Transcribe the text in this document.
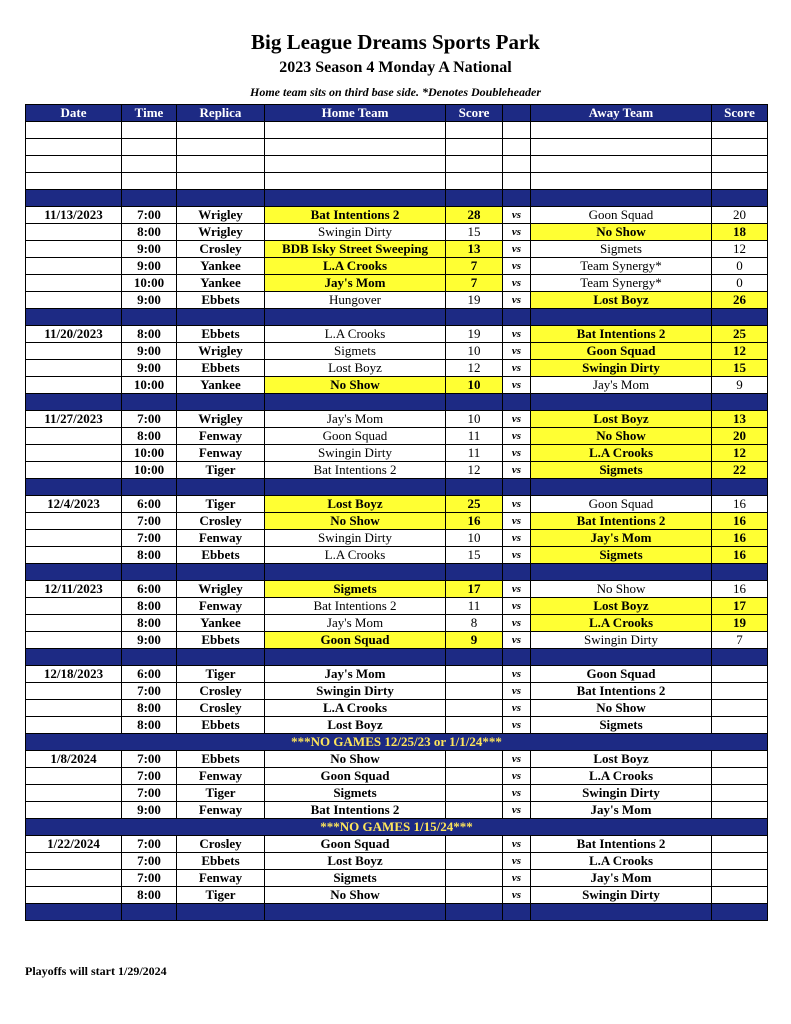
Big League Dreams Sports Park
2023 Season 4 Monday A National
Home team sits on third base side. *Denotes Doubleheader
Date	Time	Replica	Home Team	Score		Away Team	Score

11/13/2023	7:00	Wrigley	Bat Intentions 2	28	vs	Goon Squad	20
	8:00	Wrigley	Swingin Dirty	15	vs	No Show	18
	9:00	Crosley	BDB Isky Street Sweeping	13	vs	Sigmets	12
	9:00	Yankee	L.A Crooks	7	vs	Team Synergy*	0
	10:00	Yankee	Jay's Mom	7	vs	Team Synergy*	0
	9:00	Ebbets	Hungover	19	vs	Lost Boyz	26

11/20/2023	8:00	Ebbets	L.A Crooks	19	vs	Bat Intentions 2	25
	9:00	Wrigley	Sigmets	10	vs	Goon Squad	12
	9:00	Ebbets	Lost Boyz	12	vs	Swingin Dirty	15
	10:00	Yankee	No Show	10	vs	Jay's Mom	9

11/27/2023	7:00	Wrigley	Jay's Mom	10	vs	Lost Boyz	13
	8:00	Fenway	Goon Squad	11	vs	No Show	20
	10:00	Fenway	Swingin Dirty	11	vs	L.A Crooks	12
	10:00	Tiger	Bat Intentions 2	12	vs	Sigmets	22

12/4/2023	6:00	Tiger	Lost Boyz	25	vs	Goon Squad	16
	7:00	Crosley	No Show	16	vs	Bat Intentions 2	16
	7:00	Fenway	Swingin Dirty	10	vs	Jay's Mom	16
	8:00	Ebbets	L.A Crooks	15	vs	Sigmets	16

12/11/2023	6:00	Wrigley	Sigmets	17	vs	No Show	16
	8:00	Fenway	Bat Intentions 2	11	vs	Lost Boyz	17
	8:00	Yankee	Jay's Mom	8	vs	L.A Crooks	19
	9:00	Ebbets	Goon Squad	9	vs	Swingin Dirty	7

12/18/2023	6:00	Tiger	Jay's Mom		vs	Goon Squad	
	7:00	Crosley	Swingin Dirty		vs	Bat Intentions 2	
	8:00	Crosley	L.A Crooks		vs	No Show	
	8:00	Ebbets	Lost Boyz		vs	Sigmets	
***NO GAMES 12/25/23 or 1/1/24***							
1/8/2024	7:00	Ebbets	No Show		vs	Lost Boyz	
	7:00	Fenway	Goon Squad		vs	L.A Crooks	
	7:00	Tiger	Sigmets		vs	Swingin Dirty	
	9:00	Fenway	Bat Intentions 2		vs	Jay's Mom	
***NO GAMES 1/15/24***							
1/22/2024	7:00	Crosley	Goon Squad		vs	Bat Intentions 2	
	7:00	Ebbets	Lost Boyz		vs	L.A Crooks	
	7:00	Fenway	Sigmets		vs	Jay's Mom	
	8:00	Tiger	No Show		vs	Swingin Dirty	

Playoffs will start 1/29/2024
